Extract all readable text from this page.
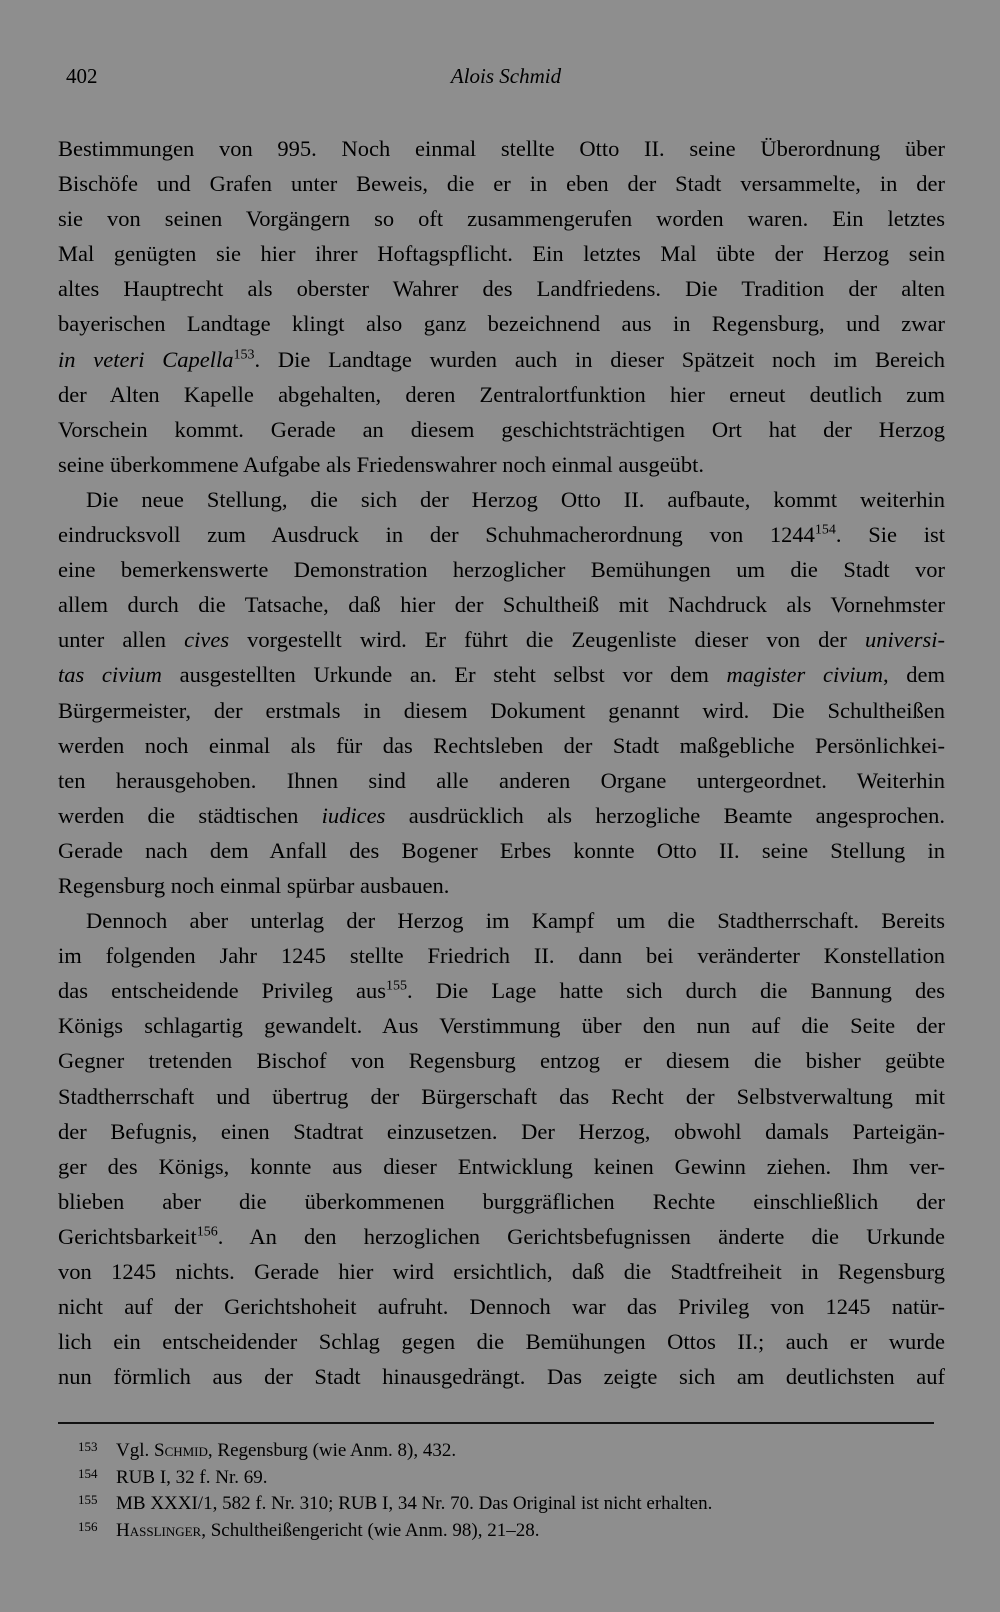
402	Alois Schmid
Bestimmungen von 995. Noch einmal stellte Otto II. seine Überordnung über
Bischöfe und Grafen unter Beweis, die er in eben der Stadt versammelte, in der
sie von seinen Vorgängern so oft zusammengerufen worden waren. Ein letztes
Mal genügten sie hier ihrer Hoftagspflicht. Ein letztes Mal übte der Herzog sein
altes Hauptrecht als oberster Wahrer des Landfriedens. Die Tradition der alten
bayerischen Landtage klingt also ganz bezeichnend aus in Regensburg, und zwar
in veteri Capella$^{153}$. Die Landtage wurden auch in dieser Spätzeit noch im Bereich
der Alten Kapelle abgehalten, deren Zentralortfunktion hier erneut deutlich zum
Vorschein kommt. Gerade an diesem geschichtsträchtigen Ort hat der Herzog
seine überkommene Aufgabe als Friedenswahrer noch einmal ausgeübt.
Die neue Stellung, die sich der Herzog Otto II. aufbaute, kommt weiterhin
eindrucksvoll zum Ausdruck in der Schuhmacherordnung von 1244$^{154}$. Sie ist
eine bemerkenswerte Demonstration herzoglicher Bemühungen um die Stadt vor
allem durch die Tatsache, daß hier der Schultheiß mit Nachdruck als Vornehmster
unter allen cives vorgestellt wird. Er führt die Zeugenliste dieser von der universi-
tas civium ausgestellten Urkunde an. Er steht selbst vor dem magister civium, dem
Bürgermeister, der erstmals in diesem Dokument genannt wird. Die Schultheißen
werden noch einmal als für das Rechtsleben der Stadt maßgebliche Persönlichkei-
ten herausgehoben. Ihnen sind alle anderen Organe untergeordnet. Weiterhin
werden die städtischen iudices ausdrücklich als herzogliche Beamte angesprochen.
Gerade nach dem Anfall des Bogener Erbes konnte Otto II. seine Stellung in
Regensburg noch einmal spürbar ausbauen.
Dennoch aber unterlag der Herzog im Kampf um die Stadtherrschaft. Bereits
im folgenden Jahr 1245 stellte Friedrich II. dann bei veränderter Konstellation
das entscheidende Privileg aus$^{155}$. Die Lage hatte sich durch die Bannung des
Königs schlagartig gewandelt. Aus Verstimmung über den nun auf die Seite der
Gegner tretenden Bischof von Regensburg entzog er diesem die bisher geübte
Stadtherrschaft und übertrug der Bürgerschaft das Recht der Selbstverwaltung mit
der Befugnis, einen Stadtrat einzusetzen. Der Herzog, obwohl damals Parteigän-
ger des Königs, konnte aus dieser Entwicklung keinen Gewinn ziehen. Ihm ver-
blieben aber die überkommenen burggräflichen Rechte einschließlich der
Gerichtsbarkeit$^{156}$. An den herzoglichen Gerichtsbefugnissen änderte die Urkunde
von 1245 nichts. Gerade hier wird ersichtlich, daß die Stadtfreiheit in Regensburg
nicht auf der Gerichtshoheit aufruht. Dennoch war das Privileg von 1245 natür-
lich ein entscheidender Schlag gegen die Bemühungen Ottos II.; auch er wurde
nun förmlich aus der Stadt hinausgedrängt. Das zeigte sich am deutlichsten auf
153 Vgl. Schmid, Regensburg (wie Anm. 8), 432.
154 RUB I, 32 f. Nr. 69.
155 MB XXXI/1, 582 f. Nr. 310; RUB I, 34 Nr. 70. Das Original ist nicht erhalten.
156 Hasslinger, Schultheißengericht (wie Anm. 98), 21–28.
